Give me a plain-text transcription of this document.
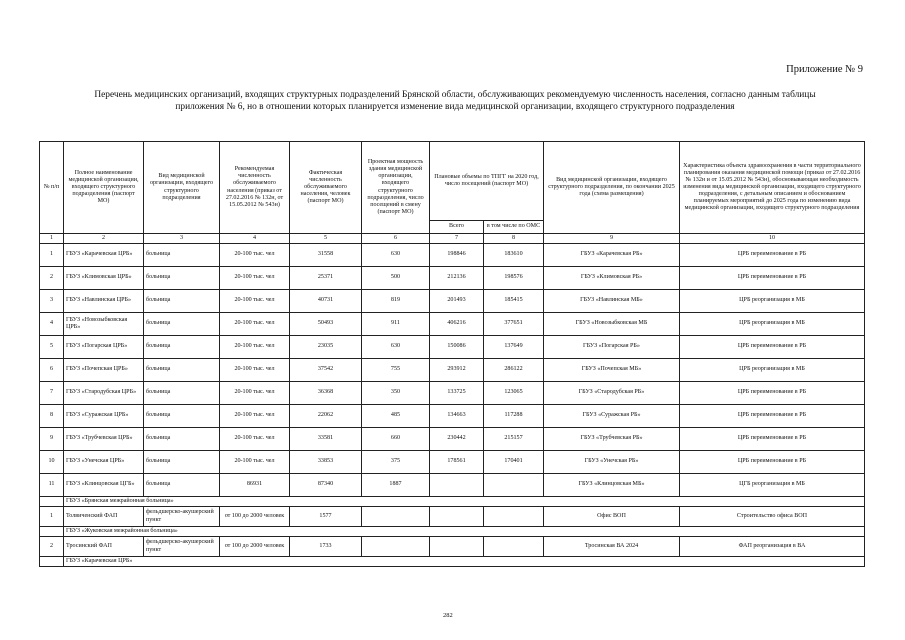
Приложение № 9
Перечень медицинских организаций, входящих структурных подразделений Брянской области, обслуживающих рекомендуемую численность населения, согласно данным таблицы приложения № 6, но в отношении которых планируется изменение вида медицинской организации, входящего структурного подразделения
№ п/п	Полное наименование медицинской организации, входящего структурного подразделения (паспорт МО)	Вид медицинской организации, входящего структурного подразделения	Рекомендуемая численность обслуживаемого населения (приказ от 27.02.2016 № 132н, от 15.05.2012 № 543н)	Фактическая численность обслуживаемого населения, человек (паспорт МО)	Проектная мощность здания медицинской организации, входящего структурного подразделения, число посещений в смену (паспорт МО)	Плановые объемы по ТПГГ на 2020 год, число посещений (паспорт МО)		Вид медицинской организации, входящего структурного подразделения, по окончании 2025 года (схема размещения)	Характеристика объекта здравоохранения в части территориального планирования оказания медицинской помощи (приказ от 27.02.2016 № 132н и от 15.05.2012 № 543н), обосновывающая необходимость изменения вида медицинской организации, входящего структурного подразделения, с детальным описанием и обоснованием планируемых мероприятий до 2025 года по изменению вида медицинской организации, входящего структурного подразделения
						Всего	в том числе по ОМС		
1	2	3	4	5	6	7	8	9	10
1	ГБУЗ «Карачевская ЦРБ»	больница	20-100 тыс. чел	31558	630	198846	183610	ГБУЗ «Карачевская РБ»	ЦРБ переименование в РБ
2	ГБУЗ «Климовская ЦРБ»	больница	20-100 тыс. чел	25371	500	212136	198576	ГБУЗ «Климовская РБ»	ЦРБ переименование в РБ
3	ГБУЗ «Навлинская ЦРБ»	больница	20-100 тыс. чел	40731	819	201493	185415	ГБУЗ «Навлинская МБ»	ЦРБ реорганизация в МБ
4	ГБУЗ «Новозыбковская ЦРБ»	больница	20-100 тыс. чел	50493	911	406216	377651	ГБУЗ «Новозыбковская МБ	ЦРБ реорганизация в МБ
5	ГБУЗ «Погарская ЦРБ»	больница	20-100 тыс. чел	23035	630	150086	137649	ГБУЗ «Погарская РБ»	ЦРБ переименование в РБ
6	ГБУЗ «Почепская ЦРБ»	больница	20-100 тыс. чел	37542	755	293912	286122	ГБУЗ «Почепская МБ»	ЦРБ реорганизация в МБ
7	ГБУЗ «Стародубская ЦРБ»	больница	20-100 тыс. чел	36368	350	133725	123065	ГБУЗ «Стародубская РБ»	ЦРБ переименование в РБ
8	ГБУЗ «Суражская ЦРБ»	больница	20-100 тыс. чел	22062	485	134663	117288	ГБУЗ «Суражская РБ»	ЦРБ переименование в РБ
9	ГБУЗ «Трубчевская ЦРБ»	больница	20-100 тыс. чел	33581	660	230442	215157	ГБУЗ «Трубчевская РБ»	ЦРБ переименование в РБ
10	ГБУЗ «Унечская ЦРБ»	больница	20-100 тыс. чел	33853	375	178561	170401	ГБУЗ «Унечская РБ»	ЦРБ переименование в РБ
11	ГБУЗ «Клинцовская ЦГБ»	больница	86931	87340	1887			ГБУЗ «Клинцовская МБ»	ЦГБ реорганизация в МБ
	ГБУЗ «Брянская межрайонная больница»								
1	Толвиченский ФАП	фельдшерско-акушерский пункт	от 100 до 2000 человек	1577				Офис ВОП	Строительство офиса ВОП
	ГБУЗ «Жуковская межрайонная больница»								
2	Тросинский ФАП	фельдшерско-акушерский пункт	от 100 до 2000 человек	1733				Тросинская ВА 2024	ФАП реорганизация в ВА
	ГБУЗ «Карачевская ЦРБ»								
282
